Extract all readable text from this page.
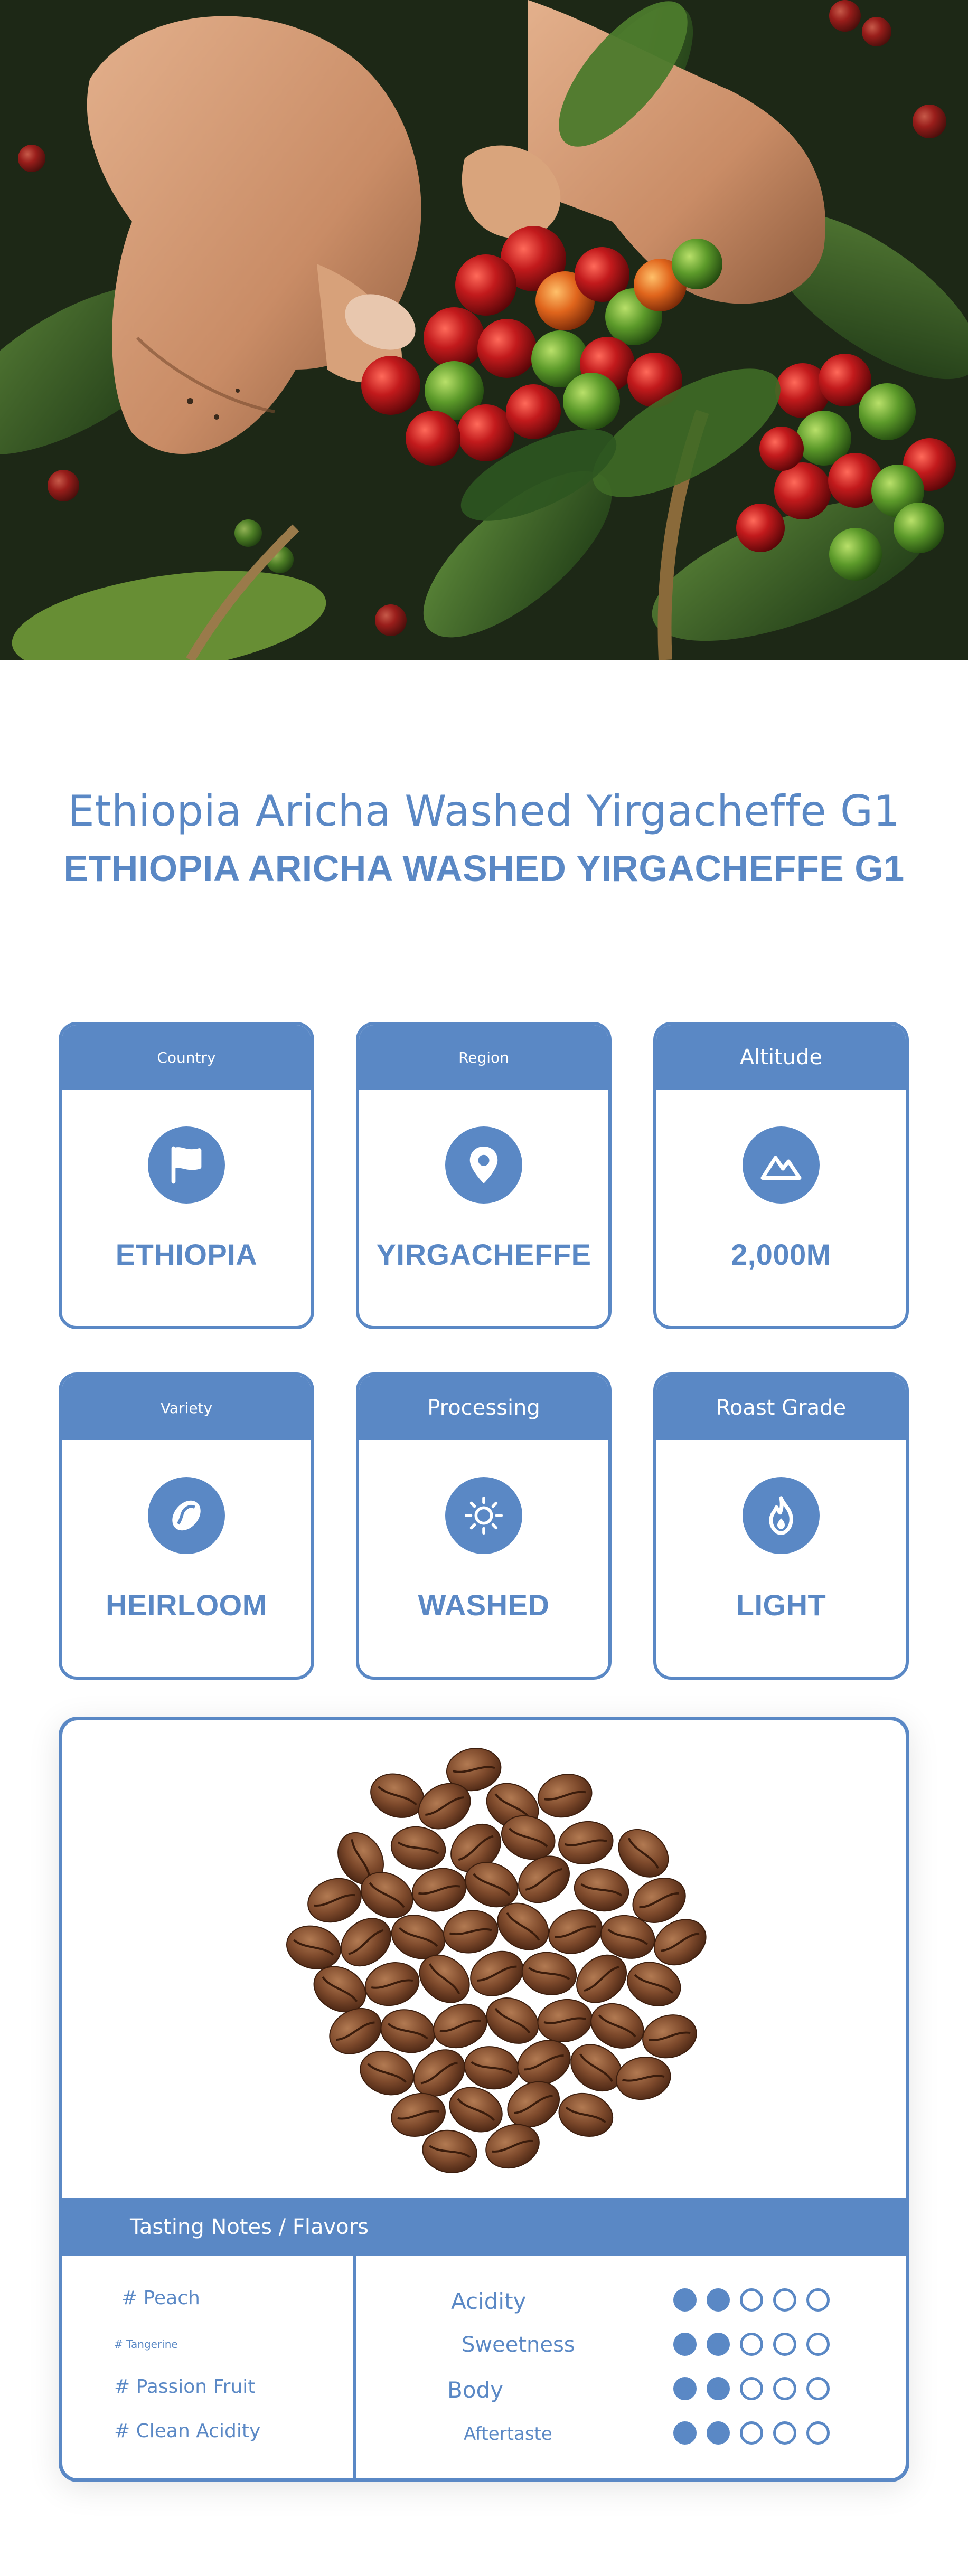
Ethiopia Aricha Washed Yirgacheffe G1
ETHIOPIA ARICHA WASHED YIRGACHEFFE G1
Country
ETHIOPIA
Region
YIRGACHEFFE
Altitude
2,000M
Variety
HEIRLOOM
Processing
WASHED
Roast Grade
LIGHT
Tasting Notes / Flavors
# Peach
# Tangerine
# Passion Fruit
# Clean Acidity
Acidity
Sweetness
Body
Aftertaste
